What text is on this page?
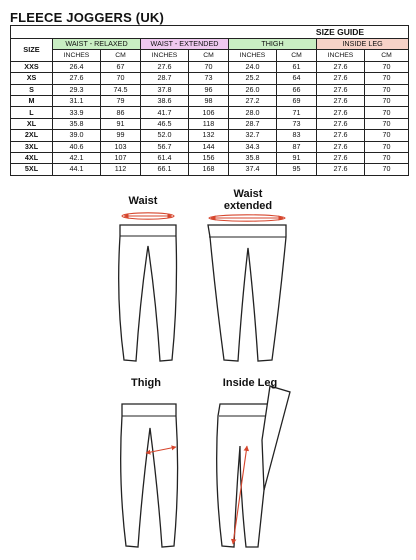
FLEECE JOGGERS (UK)
SIZE GUIDE								
SIZE	WAIST - RELAXED		WAIST - EXTENDED		THIGH		INSIDE LEG	
	INCHES	CM	INCHES	CM	INCHES	CM	INCHES	CM
XXS	26.4	67	27.6	70	24.0	61	27.6	70
XS	27.6	70	28.7	73	25.2	64	27.6	70
S	29.3	74.5	37.8	96	26.0	66	27.6	70
M	31.1	79	38.6	98	27.2	69	27.6	70
L	33.9	86	41.7	106	28.0	71	27.6	70
XL	35.8	91	46.5	118	28.7	73	27.6	70
2XL	39.0	99	52.0	132	32.7	83	27.6	70
3XL	40.6	103	56.7	144	34.3	87	27.6	70
4XL	42.1	107	61.4	156	35.8	91	27.6	70
5XL	44.1	112	66.1	168	37.4	95	27.6	70
Waist
Waist
extended
Thigh	Inside Leg
